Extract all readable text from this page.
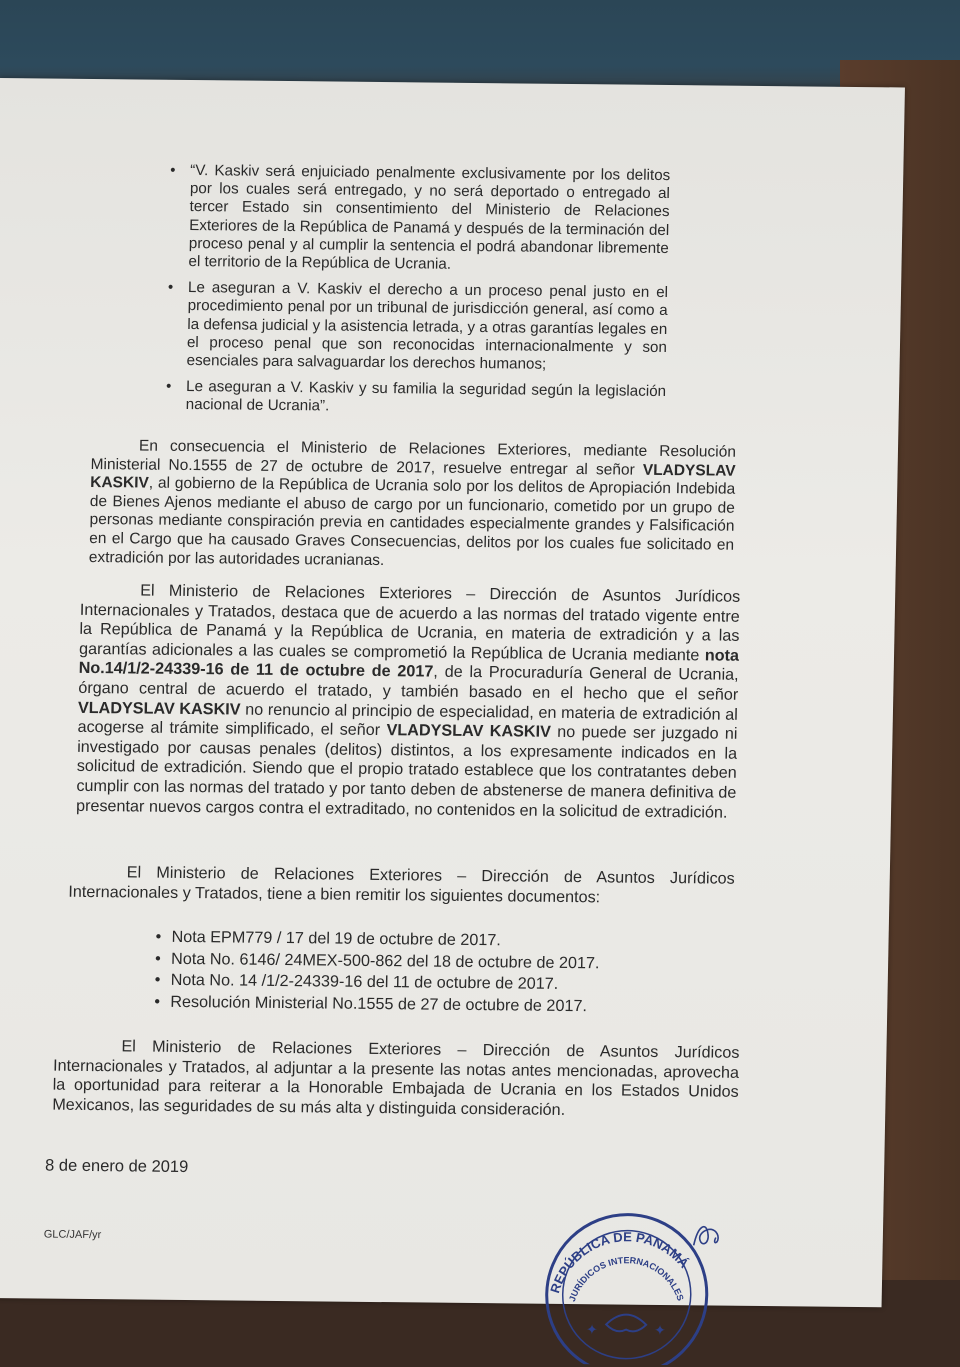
• “V. Kaskiv será enjuiciado penalmente exclusivamente por los delitos por los cuales será entregado, y no será deportado o entregado al tercer Estado sin consentimiento del Ministerio de Relaciones Exteriores de la República de Panamá y después de la terminación del proceso penal y al cumplir la sentencia el podrá abandonar libremente el territorio de la República de Ucrania.
• Le aseguran a V. Kaskiv el derecho a un proceso penal justo en el procedimiento penal por un tribunal de jurisdicción general, así como a la defensa judicial y la asistencia letrada, y a otras garantías legales en el proceso penal que son reconocidas internacionalmente y son esenciales para salvaguardar los derechos humanos;
• Le aseguran a V. Kaskiv y su familia la seguridad según la legislación nacional de Ucrania”.

En consecuencia el Ministerio de Relaciones Exteriores, mediante Resolución Ministerial No.1555 de 27 de octubre de 2017, resuelve entregar al señor VLADYSLAV KASKIV, al gobierno de la República de Ucrania solo por los delitos de Apropiación Indebida de Bienes Ajenos mediante el abuso de cargo por un funcionario, cometido por un grupo de personas mediante conspiración previa en cantidades especialmente grandes y Falsificación en el Cargo que ha causado Graves Consecuencias, delitos por los cuales fue solicitado en extradición por las autoridades ucranianas.

El Ministerio de Relaciones Exteriores – Dirección de Asuntos Jurídicos Internacionales y Tratados, destaca que de acuerdo a las normas del tratado vigente entre la República de Panamá y la República de Ucrania, en materia de extradición y a las garantías adicionales a las cuales se comprometió la República de Ucrania mediante nota No.14/1/2-24339-16 de 11 de octubre de 2017, de la Procuraduría General de Ucrania, órgano central de acuerdo el tratado, y también basado en el hecho que el señor VLADYSLAV KASKIV no renuncio al principio de especialidad, en materia de extradición al acogerse al trámite simplificado, el señor VLADYSLAV KASKIV no puede ser juzgado ni investigado por causas penales (delitos) distintos, a los expresamente indicados en la solicitud de extradición. Siendo que el propio tratado establece que los contratantes deben cumplir con las normas del tratado y por tanto deben de abstenerse de manera definitiva de presentar nuevos cargos contra el extraditado, no contenidos en la solicitud de extradición.

El Ministerio de Relaciones Exteriores – Dirección de Asuntos Jurídicos Internacionales y Tratados, tiene a bien remitir los siguientes documentos:

• Nota EPM779 / 17 del 19 de octubre de 2017.
• Nota No. 6146/ 24MEX-500-862 del 18 de octubre de 2017.
• Nota No. 14 /1/2-24339-16 del 11 de octubre de 2017.
• Resolución Ministerial No.1555 de 27 de octubre de 2017.

El Ministerio de Relaciones Exteriores – Dirección de Asuntos Jurídicos Internacionales y Tratados, al adjuntar a la presente las notas antes mencionadas, aprovecha la oportunidad para reiterar a la Honorable Embajada de Ucrania en los Estados Unidos Mexicanos, las seguridades de su más alta y distinguida consideración.

8 de enero de 2019
GLC/JAF/yr
REPÚBLICA DE PANAMÁ
JURÍDICOS INTERNACIONALES
✦	✦
